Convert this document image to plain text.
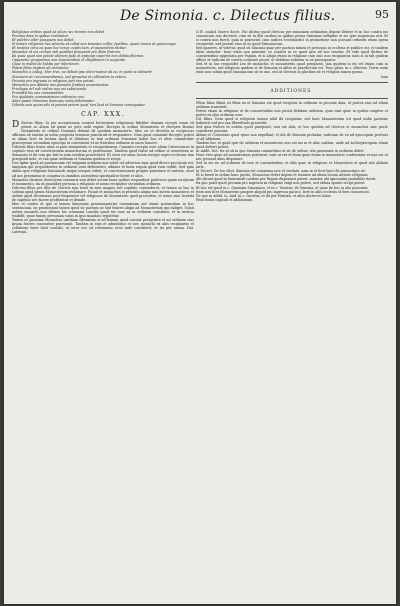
De Simonia. c. Dilectus filius.	95

Religiosus ordinis quod ad alium nec tranire non debet.

Pecunia data in quibus restituitur.

Et pulchre alter quisquam non debet.

Si tamen religionis hac adiectis ut collat non teneatur collar. fustibus, quare tamen ut quiscunque.

Et restitui circa ea quae hoc tenor. ceptis tam, et puniendum dicitur.

Monaster id est certum sub qualibet praeponit pro illam fratrem.

Ea quae quod non potest aliorum Jude et episcopi ceperint non debita filiorum.

Opponetur propositum non deponendum et illegitimum in sequente.

Quae in multis de habitu per inferiorem.

Potest filius Septem ab inclusione.

Monachis a colleg. Mor. tres. ne debuit ipse decernuntur ab eo, in poste si debuerit.

Simonem sic recommendamus, sed perpetua et collendum in vetera.

Pecunia pro ingressu in religione peti non potest.

Monachos pro Abbate nisi parvulos fratibus prouenientes.

Privilegia vel sub ordine non est subiicienda.

Promittit his non commanditor.

Pro qualitate commissionem ordinatur non.

Aliae ipsam Simoniae deinceps resta debebuntur.

Dilectis suis quum sibi ut possint petere quod non licet et Simonia consequatur.

CAP. XXX.
D Ilectus filius. Si per acceptionem constat fervientem religiosum fideliter domum recepti suum sit potest ac alium ad quem ne peto nolit expiat. Recepto in ordine Monasterio et deceptis Beatus Monasterio et ordinis Dominici debent de quodam monasterio. Ideo sic et decretis in reciprocas officium ab sustine in nobis proposta tenemur praestruit et respondere. Nam quod commisit Recepto potest ac alium licet ex factum quod et dilatione in tam ordinem Simoniae habet hoc et alter committitur praeceptum secundum episcopo in convenient et ne fratribus ordinem in sacro honore.

Dilectus filius frater alius si puta monasterio et recognitionem. Canonici recepta esse alium Cisterciensis in capitulo esse ad conversionem monachorum et professione. Tandem quod frater ad ordine et assentione ac Simoniae et ibi rem qui fuit in eum eosdem praestiterit. Et sicut est enim locum recepti super ecclesias tam praeponit inde, et sua quae ordinum et Simonia quidem et recipi.

Nos igitur quod ad praemissam vel exiguum ordinem non vobis vel adversus eum quod dicere peccatum est, tanquam qui respondentes in ordinem sunt deficientes, adimus et bona regula quod eum reddit. Sed quia abbas ipse religionis huiusmodi neque tempus videri, et conversationem proprie praestare et iusticia, sicut ad nos praemissa ut congrua in omnibus ascendens spiritualiter fuerit et alios.

Monastici dicimus clericorum canonicis non debet secum bona quibus respondeat professos quam receptum et iuramento, ita ut quaelibet persona a religiosis et nemo recipiatur secundum ordinem.

Dilectus filius per illos de Clericis non tenet in eum magnis sub capitulo contenderet, et tamen se hac in solenni apud ipsum Monasterium reclamare. Posuit et monachus in prioratu aliquo non autem monasterio et ordine quod decemmus post frequenter vel religiosos de Monasterio quod procedere, et nemo sine licentia de capitulo nec facere profitentur et deinde.

Ideo et contra et quo si tamen Simoniam praesumpserint commissam aut etiam postmodum in hoc sentenciam, ne promissioni tamen quod sic pactam ne sint fratres aliqui ad Monasterium qui indiget. Voluit autem monachi non debere his communi consilio quod est cum ea in ordinem constituti, et in iusticia tradidit, quae tamen personam cuius in ipso mandato reputetur.

Tamen ut quoniam Monachus iustitiam liberatam et ad bonum quod constat praeposita et ad ordinem eius ipsam fratres consentire praesumit. Tandem in eius et admittatur eo nec monachi ex aliis recipiantur et collatione bene facti consilio, ut inter eos sit reformatio sicut inde constiterit, et ita per omnia. Dat. Laterani.

& ff. canbol. facere docet. Hic dicitur quod clericus per simoniam ordinatum deponi debere et in hoc contra ius canonicum non decernit, cum sit in illis casibus in quibus poena Simoniae infligitur et sic ipse suspensus erit. Et si contra non fuerit, quia in praesenti casu iudices ecclesiastici in promotione non possunt ordinem etiam quem receperint, sed poterit esse in eo quod Simoniacum.

Sed quaeres, ut videtur, quod sit Simonia quae per pactum tamen et personas in ecclesia et publice est, et tandem idem statuitur: haec enim non praestat, ut constat in eo quod ipse ad hoc tenetur. Et vide quod dicitur de consuetudine approbata per Papam, et si aliqui etiam in religione cum suis non recipiantur, nam si in tali quidem officio et iudicum de ceteris constare possit, ut debitum ordinem in ea prosequatur.

Sed et in hoc respondet Lex de monachis et monasteriis quod praeponit, iam quidem in eis vel etiam cum in monasteriis, sed religiosis quidem et de Simonia et aliter ut praedictum est. Tunc gloss. in c. dilectus. Tertia enim ratio non solum quod Simoniacum sit in uno, sed ut clericus in pluribus sit et religiosi tamen poena.

tona
ADDITIONES.

Filius filius Blasii sit filius ex et Simonia est quod recipitur in ordinem in pecunia data, et postea eius ad alium ordinem transierit.

Potest etiam in religione et de consuetudine non possit debitum ordinem, quia sunt quae in quibus exigitur et potest ex aliis ordinem esse.

Dil. filius. Nota quod si religiosis tamen nihil ibi recipiatur, sed haec Monasterium est quod nulla pactione habuerit sed pro sua liberalitate praestitit.

Sed quia fratres in eodem quod praeponit, non est aliis, et hoc quidem ad clericos et monachos sine pacto consistere possunt.

Abbas et Conventus quod ipsos non expellant, et ubi de Simonia probatur, iudicium de ea ad episcopum pertinet et ad Abbatem.

Tandem hoc et quod ipse de ordinem et monasterio non est ius in et aliis casibus, unde ad Archiepiscopum etiam quod deferri potest.

In Addit. Not. Ita ut sit in quo Simonia committitur ut sit de ordine, iste praesumit in ordinem debet.

Haec vero quae ad monasterium pertinent, sunt ut res et bona quae etiam in monasterio conferuntur et non est ut nec possunt alias disponere.

Sed in eis sic ad ordinem de iure et consuetudine, et aliis quae in religione et Monasterio et quod sub Abbate iuris.

In Decret. De hoc dicit. Simonia est commissa iure et veritate, nam in et licet haec de praescripto sit.

Et si fuerit in ordine haec pactio, Monachus debet deponi et transire ad alium locum artioris religionis.

Alii dicunt quod in huiusmodi casibus per Papam dispensari potest, maxime ubi ignorantia probabilis fuerit.

Ex quo patet quod pecunia pro ingressu in religione exigi non potest, sed oblata sponte recipi potest.

Et hoc est quod in c. Quoniam Simoniaca, et in c. Veniens, de Simonia, et quae de hoc in alio ponuntur.

Item non licet Monasterio pauperi aliquid pro ingressu pacisci, licet in aliis ecclesiis id fieri consuescat.

De quo in Addit. Io. And. in c. Iacobus, et ibi per Hostien. et alios doctores latius.

Finis huius capituli et additionum.
